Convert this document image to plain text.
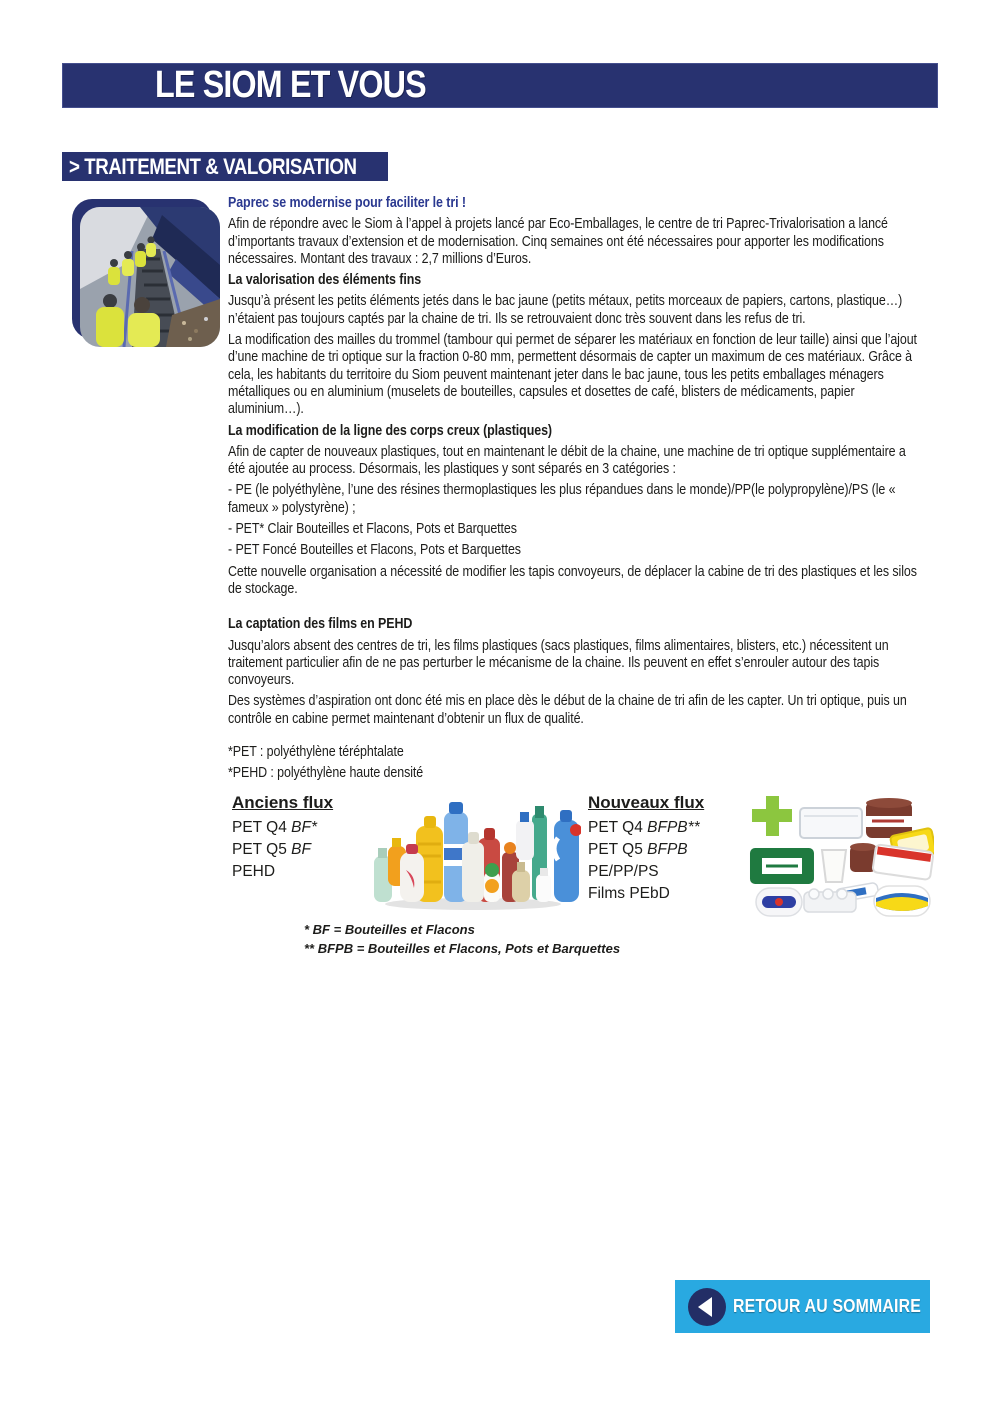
LE SIOM ET VOUS
> TRAITEMENT & VALORISATION

Paprec se modernise pour faciliter le tri !

Afin de répondre avec le Siom à l’appel à projets lancé par Eco-Emballages, le centre de tri Paprec-Trivalorisation a lancé d’importants travaux d’extension et de modernisation. Cinq semaines ont été nécessaires pour apporter les modifications nécessaires. Montant des travaux : 2,7 millions d’Euros.

La valorisation des éléments fins

Jusqu’à présent les petits éléments jetés dans le bac jaune (petits métaux, petits morceaux de papiers, cartons, plastique…) n’étaient pas toujours captés par la chaine de tri. Ils se retrouvaient donc très souvent dans les refus de tri.

La modification des mailles du trommel (tambour qui permet de séparer les matériaux en fonction de leur taille) ainsi que l’ajout d’une machine de tri optique sur la fraction 0-80 mm, permettent désormais de capter un maximum de ces matériaux. Grâce à cela, les habitants du territoire du Siom peuvent maintenant jeter dans le bac jaune, tous les petits emballages ménagers métalliques ou en aluminium (muselets de bouteilles, capsules et dosettes de café, blisters de médicaments, papier aluminium…).

La modification de la ligne des corps creux (plastiques)

Afin de capter de nouveaux plastiques, tout en maintenant le débit de la chaine, une machine de tri optique supplémentaire a été ajoutée au process. Désormais, les plastiques y sont séparés en 3 catégories :

- PE (le polyéthylène, l’une des résines thermoplastiques les plus répandues dans le monde)/PP(le polypropylène)/PS (le « fameux » polystyrène) ;

- PET* Clair Bouteilles et Flacons, Pots et Barquettes

- PET Foncé Bouteilles et Flacons, Pots et Barquettes

Cette nouvelle organisation a nécessité de modifier les tapis convoyeurs, de déplacer la cabine de tri des plastiques et les silos de stockage.

La captation des films en PEHD

Jusqu’alors absent des centres de tri, les films plastiques (sacs plastiques, films alimentaires, blisters, etc.) nécessitent un traitement particulier afin de ne pas perturber le mécanisme de la chaine. Ils peuvent en effet s’enrouler autour des tapis convoyeurs.

Des systèmes d’aspiration ont donc été mis en place dès le début de la chaine de tri afin de les capter. Un tri optique, puis un contrôle en cabine permet maintenant d’obtenir un flux de qualité.

*PET : polyéthylène téréphtalate

*PEHD : polyéthylène haute densité

Anciens flux
PET Q4 BF*
PET Q5 BF
PEHD
Nouveaux flux
PET Q4 BFPB**
PET Q5 BFPB
PE/PP/PS
Films PEbD
* BF = Bouteilles et Flacons
** BFPB = Bouteilles et Flacons, Pots et Barquettes
RETOUR AU SOMMAIRE
